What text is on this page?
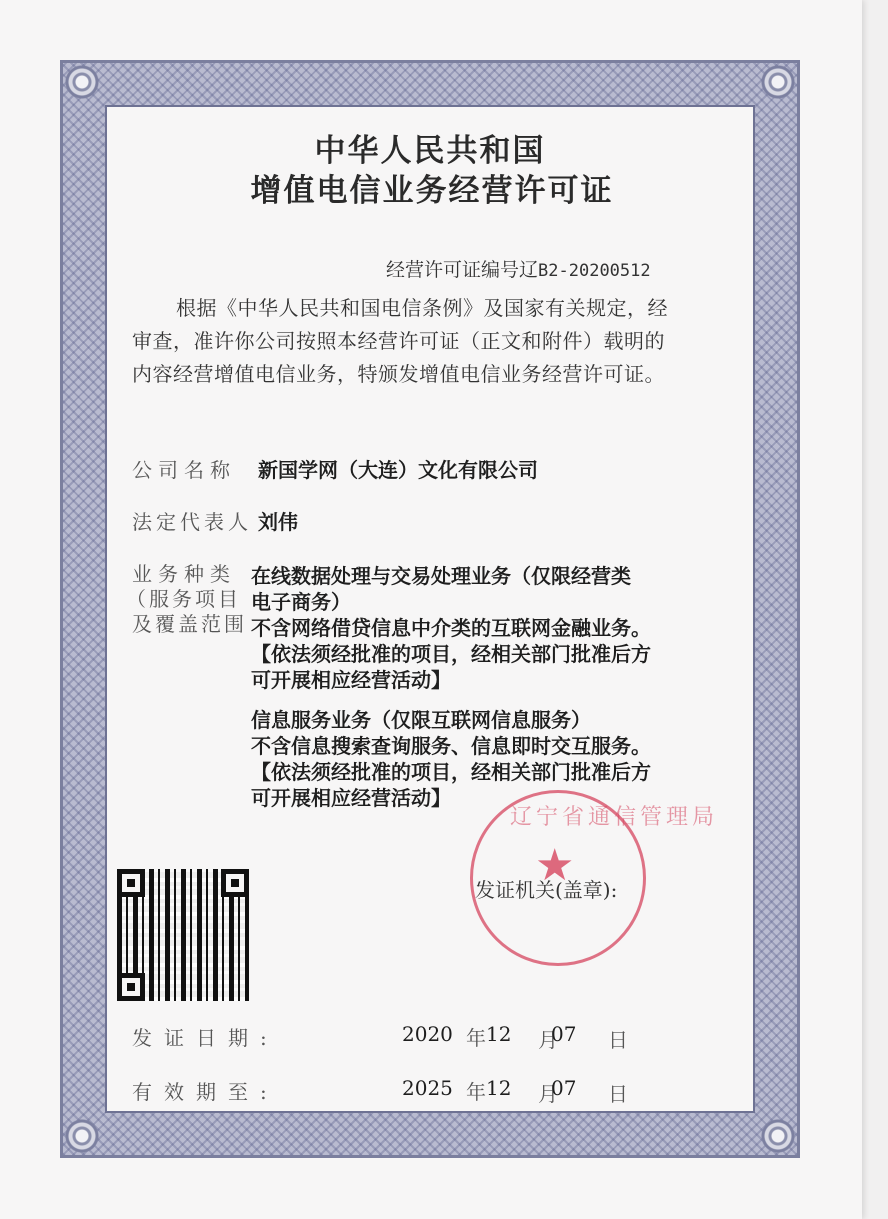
中华人民共和国
增值电信业务经营许可证
经营许可证编号辽B2-20200512
根据《中华人民共和国电信条例》及国家有关规定，经
审查，准许你公司按照本经营许可证（正文和附件）载明的
内容经营增值电信业务，特颁发增值电信业务经营许可证。
公司名称 新国学网（大连）文化有限公司
法定代表人 刘伟
业务种类
（服务项目
及覆盖范围

在线数据处理与交易处理业务（仅限经营类
电子商务）
不含网络借贷信息中介类的互联网金融业务。
【依法须经批准的项目，经相关部门批准后方
可开展相应经营活动】

信息服务业务（仅限互联网信息服务）
不含信息搜索查询服务、信息即时交互服务。
【依法须经批准的项目，经相关部门批准后方
可开展相应经营活动】

辽宁省通信管理局
★
发证机关(盖章):
发证日期:	2020 年 12 月
07 日
有效期至:	2025 年 12 月
07 日
